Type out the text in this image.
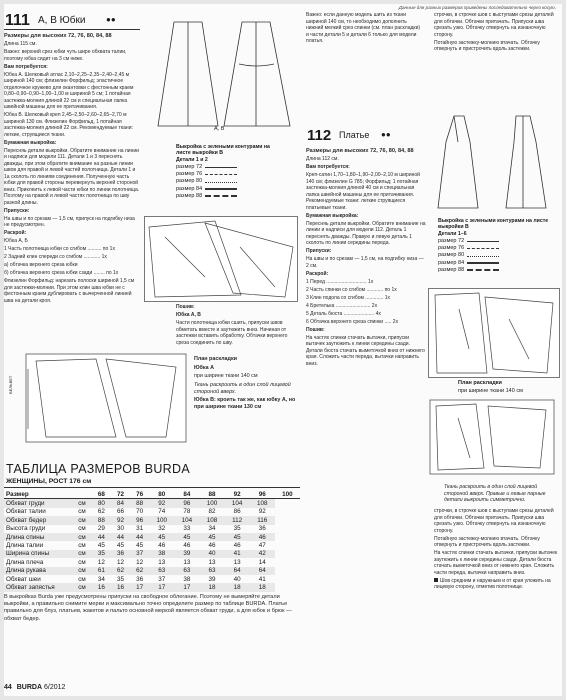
Данные для разных размеров приведены последовательно через косую.
111 А, В Юбки	●●

Размеры для высоких 72, 76, 80, 84, 88

Длина 115 см.

Важно: верхний срез юбки чуть шире обхвата талии, поэтому юбка сидит на 3 см ниже.

Вам потребуется:

Юбка А. Шелковый атлас 2,10–2,25–2,35–2,40–2,45 м шириной 140 см; флизелин Форфильд; эластичное отделочное кружево для окантовки с фестонным краем 0,80–0,90–0,90–1,00–1,00 м шириной 5 см; 1 потайная застежка-молния длиной 22 см и специальная лапка швейной машины для ее притачивания.

Юбка В. Шелковый креп 2,45–2,50–2,60–2,65–2,70 м шириной 130 см. Флизелин Форфильд, 1 потайная застежка-молния длиной 22 см. Рекомендуемые ткани: легкие, струящиеся ткани.

Бумажная выкройка:

Пересняь детали выкройки. Обратите внимание на линии и надписи для модели 111. Детали 1 и 3 переснять дважды, при этом обратите внимание на разные линии швов для правой и левой частей полотнища. Детали 1 и 1а сколоть по линиям соединения. Полученную часть юбки для правой стороны перевернуть верхней стороной вниз. Приклеить к левой части юбки по линии полотнища. Поэтому на правой и левой частях полотнища по шву разной длины.

Припуски:

На швы и по срезам — 1,5 см, припуск на подгибку низа не предусмотрен.

Раскрой:

Юбка А, Б

1 Часть полотнища юбки со сгибом .......... по 1х

2 Задний клин спереди со сгибом ............ 1х

а) обтачка верхнего среза юбки

б) обтачка верхнего среза юбки сзади ........ по 1х

Флизелин Форфильд: нарезать полоски шириной 1,5 см для застежки-молнии. При этом клин шва юбки не с фестонным краем дублировать с вычерченной линией шва на детали кроя.

А, В
Выкройка с зелеными контурами на листе выкройки B
Детали 1 и 2
размер 72
размер 76
размер 80
размер 84
размер 88

Пошив:

Юбка А, В

Части полотнища юбки сшить, припуски швов обметать вместе и заутюжить вниз. Начиная от застежки вставить обработку. Обтачки верхнего среза соединить по шву.

ВЕЛЬВЕТ

План раскладки

Юбка А

при ширине ткани 140 см

Ткань раскроить в один слой лицевой стороной вверх.

Юбка В: кроить так же, как юбку А, но при ширине ткани 130 см

Важно: если данную модель шить из ткани шириной 140 см, то необходимо дополнить нижний мелкий срез спинки (см. план раскладки) и части детали 5 и детали 6 только для модели платья.

112 Платье ●●

Размеры для высоких 72, 76, 80, 84, 88

Длина 112 см.

Вам потребуется:

Креп-сатин 1,70–1,80–1,90–2,00–2,10 м шириной 140 см; флизелин G 785; Форфильд; 1 потайная застежка-молния длиной 40 см и специальная лапка швейной машины для ее притачивания. Рекомендуемые ткани: легкие струящиеся платьевые ткани.

Бумажная выкройка:

Пересняь детали выкройки. Обратите внимание на линии и надписи для модели 112. Деталь 1 переснять дважды. Правую и левую деталь 1 сколоть по линии середины переда.

Припуски:

На швы и по срезам — 1,5 см, на подгибку низа — 2 см.

Раскрой:

1 Перед ............................. 1х

2 Часть спинки со сгибом ............ по 1х

3 Клин подола со сгибом ............. 1х

4 Бретелька ......................... 2х

5 Деталь бюста ...................... 4х

6 Обтачка верхнего среза спинки ..... 2х

Пошив:

На частях спинки стачать вытачки, припуски вытачек заутюжить к линии середины сзади. Детали бюста стачать выметочкой вниз от нижнего края. Сложить части переда, вытачки направить вниз.

строчки, в строчке шов с выступами срезы деталей для обтачки. Обтачки притачать. Припуски шва срезать узко. Обтачку отвернуть на изнаночную сторону.

Потайную застежку-молнию втачать. Обтачку отвернуть и пристрочить вдоль застежки.

Выкройка с зелеными контурами на листе выкройки B
Детали 1–6
размер 72
размер 76
размер 80
размер 84
размер 88
План раскладки
при ширине ткани 140 см

Ткань раскроить в один слой лицевой стороной вверх. Правые и левые парные детали выкроить симметрично.

строчки, в строчке шов с выступами срезы деталей для обтачки. Обтачки притачать. Припуски шва срезать узко. Обтачку отвернуть на изнаночную сторону.

Потайную застежку-молнию втачать. Обтачку отвернуть и пристрочить вдоль застежки.

На частях спинки стачать вытачки, припуски вытачек заутюжить к линии середины сзади. Детали бюста стачать выметочкой вниз от нижнего края. Сложить части переда, вытачки направить вниз.

Шов средним и наружным и от края уложить на лицевую сторону, отметив полотнище.

ТАБЛИЦА РАЗМЕРОВ BURDA
ЖЕНЩИНЫ, РОСТ 176 см
Размер		68	72	76	80	84	88	92	96	100
Обхват груди	см	80	84	88	92	96	100	104	108	
Обхват талии	см	62	66	70	74	78	82	86	92	
Обхват бедер	см	88	92	96	100	104	108	112	116	
Высота груди	см	29	30	31	32	33	34	35	36	
Длина спины	см	44	44	44	45	45	45	45	46	
Длина талии	см	45	45	45	46	46	46	46	47	
Ширина спины	см	35	36	37	38	39	40	41	42	
Длина плеча	см	12	12	12	13	13	13	13	14	
Длина рукава	см	61	62	62	63	63	63	64	64	
Обхват шеи	см	34	35	36	37	38	39	40	41	
Обхват запястья	см	16	16	17	17	17	18	18	18	

В выкройках Burda уже предусмотрены припуски на свободное облегание. Поэтому не вымеряйте детали выкройки, а правильно снимите мерки и максимально точно определите размер по таблице BURDA. Платье правильно для блуз, платьев, жакетов и пальто основной меркой является обхват груди, а для юбок и брюк — обхват бедер.

44 BURDA 6/2012
